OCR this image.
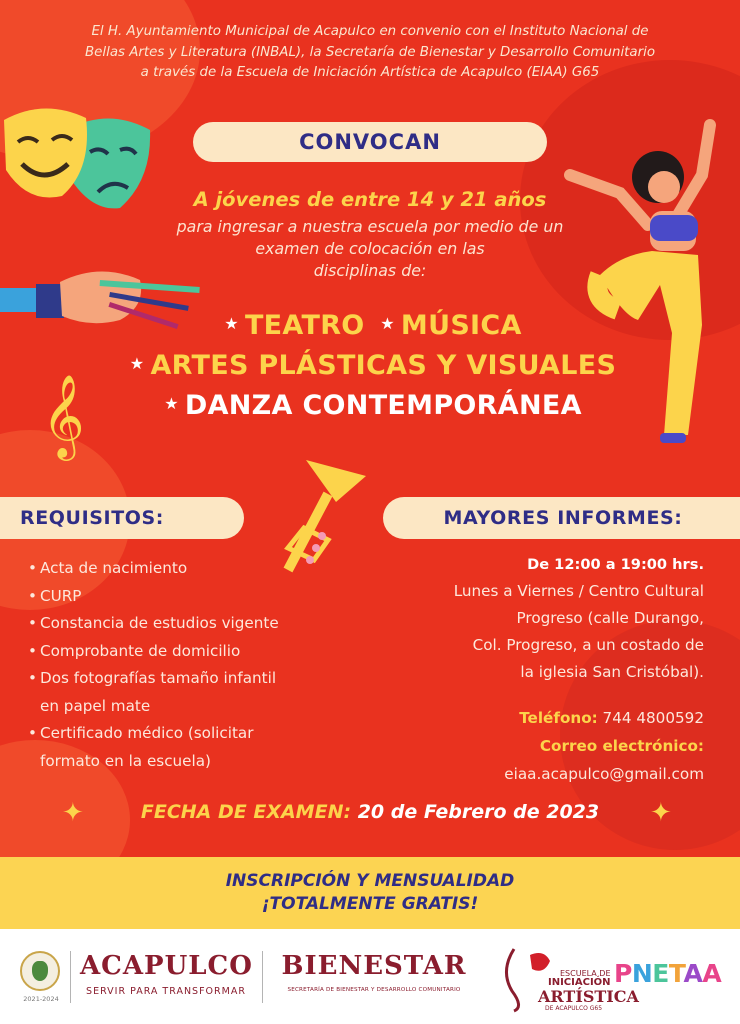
El H. Ayuntamiento Municipal de Acapulco en convenio con el Instituto Nacional de
Bellas Artes y Literatura (INBAL), la Secretaría de Bienestar y Desarrollo Comunitario
a través de la Escuela de Iniciación Artística de Acapulco (EIAA) G65
𝄞
CONVOCAN
A jóvenes de entre 14 y 21 años
para ingresar a nuestra escuela por medio de un
examen de colocación en las
disciplinas de:
★ TEATRO ★ MÚSICA
★ ARTES PLÁSTICAS Y VISUALES
★ DANZA CONTEMPORÁNEA
REQUISITOS:
• Acta de nacimiento
• CURP
• Constancia de estudios vigente
• Comprobante de domicilio
• Dos fotografías tamaño infantil
en papel mate
• Certificado médico (solicitar
formato en la escuela)
MAYORES INFORMES:
De 12:00 a 19:00 hrs.
Lunes a Viernes / Centro Cultural
Progreso (calle Durango,
Col. Progreso, a un costado de
la iglesia San Cristóbal).
Teléfono: 744 4800592
Correo electrónico:
eiaa.acapulco@gmail.com
✦	FECHA DE EXAMEN: 20 de Febrero de 2023	✦
INSCRIPCIÓN Y MENSUALIDAD
¡TOTALMENTE GRATIS!
2021-2024
ACAPULCO
SERVIR PARA TRANSFORMAR
BIENESTAR
SECRETARÍA DE BIENESTAR Y DESARROLLO COMUNITARIO
ESCUELA DE
INICIACIÓN
ARTÍSTICA
DE ACAPULCO G65
PNETAA
